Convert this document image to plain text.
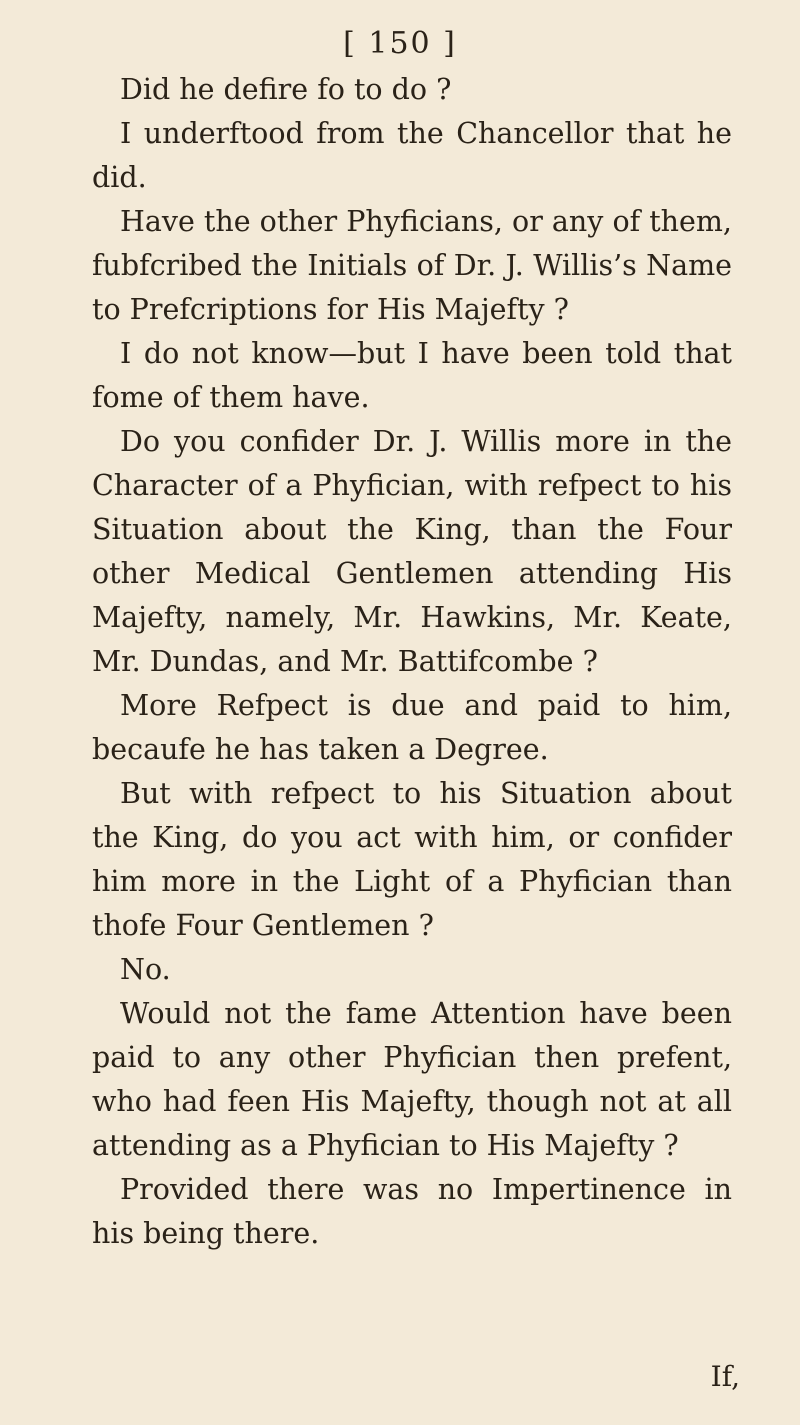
[ 150 ]

Did he defire fo to do ?

I underftood from the Chancellor that he did.

Have the other Phyficians, or any of them, fubfcribed the Initials of Dr. J. Willis’s Name to Prefcriptions for His Majefty ?

I do not know—but I have been told that fome of them have.

Do you confider Dr. J. Willis more in the Character of a Phyfician, with refpect to his Situation about the King, than the Four other Medical Gentlemen attending His Majefty, namely, Mr. Hawkins, Mr. Keate, Mr. Dundas, and Mr. Battifcombe ?

More Refpect is due and paid to him, becaufe he has taken a Degree.

But with refpect to his Situation about the King, do you act with him, or confider him more in the Light of a Phyfician than thofe Four Gentlemen ?

No.

Would not the fame Attention have been paid to any other Phyfician then prefent, who had feen His Majefty, though not at all attending as a Phyfician to His Majefty ?

Provided there was no Impertinence in his being there.

If,
